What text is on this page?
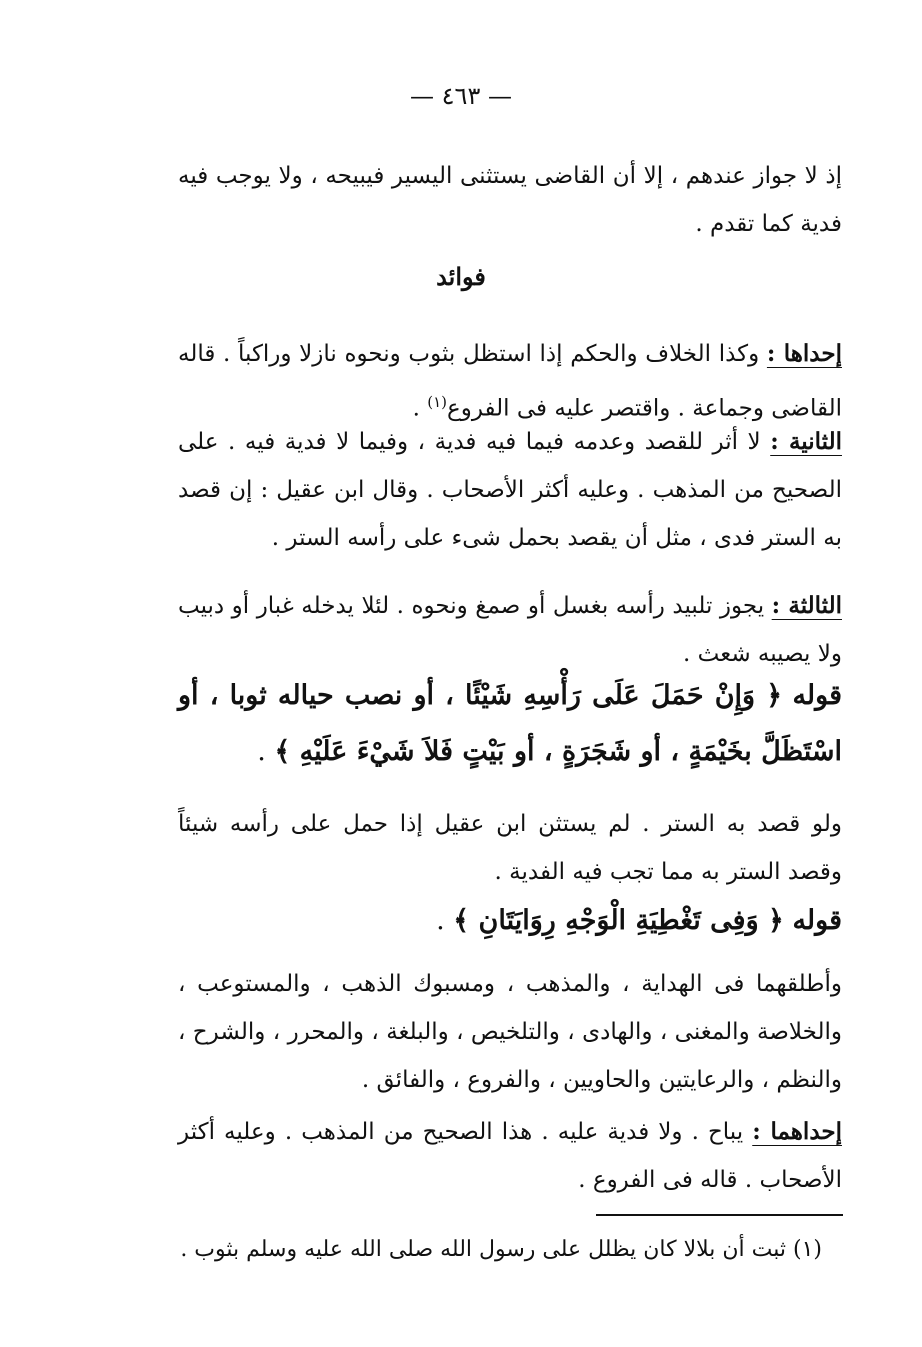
— ٤٦٣ —
إذ لا جواز عندهم ، إلا أن القاضى يستثنى اليسير فيبيحه ، ولا يوجب فيه فدية كما تقدم .
فوائد
إحداها : وكذا الخلاف والحكم إذا استظل بثوب ونحوه نازلا وراكباً . قاله القاضى وجماعة . واقتصر عليه فى الفروع$^{(١)}$ .
الثانية : لا أثر للقصد وعدمه فيما فيه فدية ، وفيما لا فدية فيه . على الصحيح من المذهب . وعليه أكثر الأصحاب . وقال ابن عقيل : إن قصد به الستر فدى ، مثل أن يقصد بحمل شىء على رأسه الستر .
الثالثة : يجوز تلبيد رأسه بغسل أو صمغ ونحوه . لئلا يدخله غبار أو دبيب ولا يصيبه شعث .
قوله ﴿ وَإِنْ حَمَلَ عَلَى رَأْسِهِ شَيْئًا ، أو نصب حياله ثوبا ، أو اسْتَظَلَّ بخَيْمَةٍ ، أو شَجَرَةٍ ، أو بَيْتٍ فَلاَ شَيْءَ عَلَيْهِ ﴾ .
ولو قصد به الستر . لم يستثن ابن عقيل إذا حمل على رأسه شيئاً وقصد الستر به مما تجب فيه الفدية .
قوله ﴿ وَفِى تَغْطِيَةِ الْوَجْهِ رِوَايَتَانِ ﴾ .
وأطلقهما فى الهداية ، والمذهب ، ومسبوك الذهب ، والمستوعب ، والخلاصة والمغنى ، والهادى ، والتلخيص ، والبلغة ، والمحرر ، والشرح ، والنظم ، والرعايتين والحاويين ، والفروع ، والفائق .
إحداهما : يباح . ولا فدية عليه . هذا الصحيح من المذهب . وعليه أكثر الأصحاب . قاله فى الفروع .
(١) ثبت أن بلالا كان يظلل على رسول الله صلى الله عليه وسلم بثوب .
